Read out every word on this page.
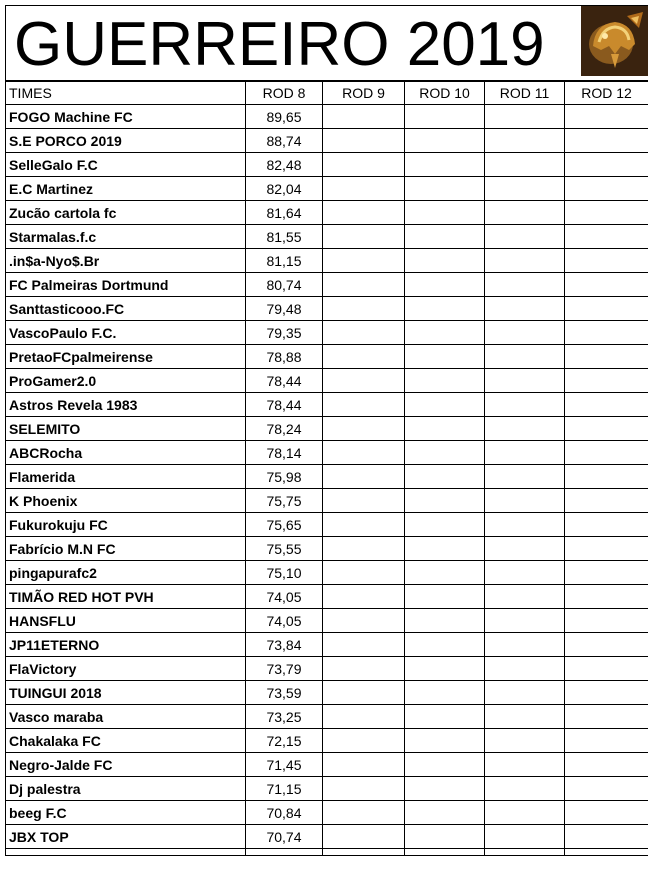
GUERREIRO 2019
TIMES	ROD 8	ROD 9	ROD 10	ROD 11	ROD 12
FOGO Machine FC	89,65				
S.E PORCO 2019	88,74				
SelleGalo F.C	82,48				
E.C Martinez	82,04				
Zucão cartola fc	81,64				
Starmalas.f.c	81,55				
.in$a-Nyo$.Br	81,15				
FC Palmeiras Dortmund	80,74				
Santtasticooo.FC	79,48				
VascoPaulo F.C.	79,35				
PretaoFCpalmeirense	78,88				
ProGamer2.0	78,44				
Astros Revela 1983	78,44				
SELEMITO	78,24				
ABCRocha	78,14				
Flamerida	75,98				
K Phoenix	75,75				
Fukurokuju FC	75,65				
Fabrício M.N FC	75,55				
pingapurafc2	75,10				
TIMÃO RED HOT PVH	74,05				
HANSFLU	74,05				
JP11ETERNO	73,84				
FlaVictory	73,79				
TUINGUI 2018	73,59				
Vasco maraba	73,25				
Chakalaka FC	72,15				
Negro-Jalde FC	71,45				
Dj palestra	71,15				
beeg F.C	70,84				
JBX TOP	70,74				
